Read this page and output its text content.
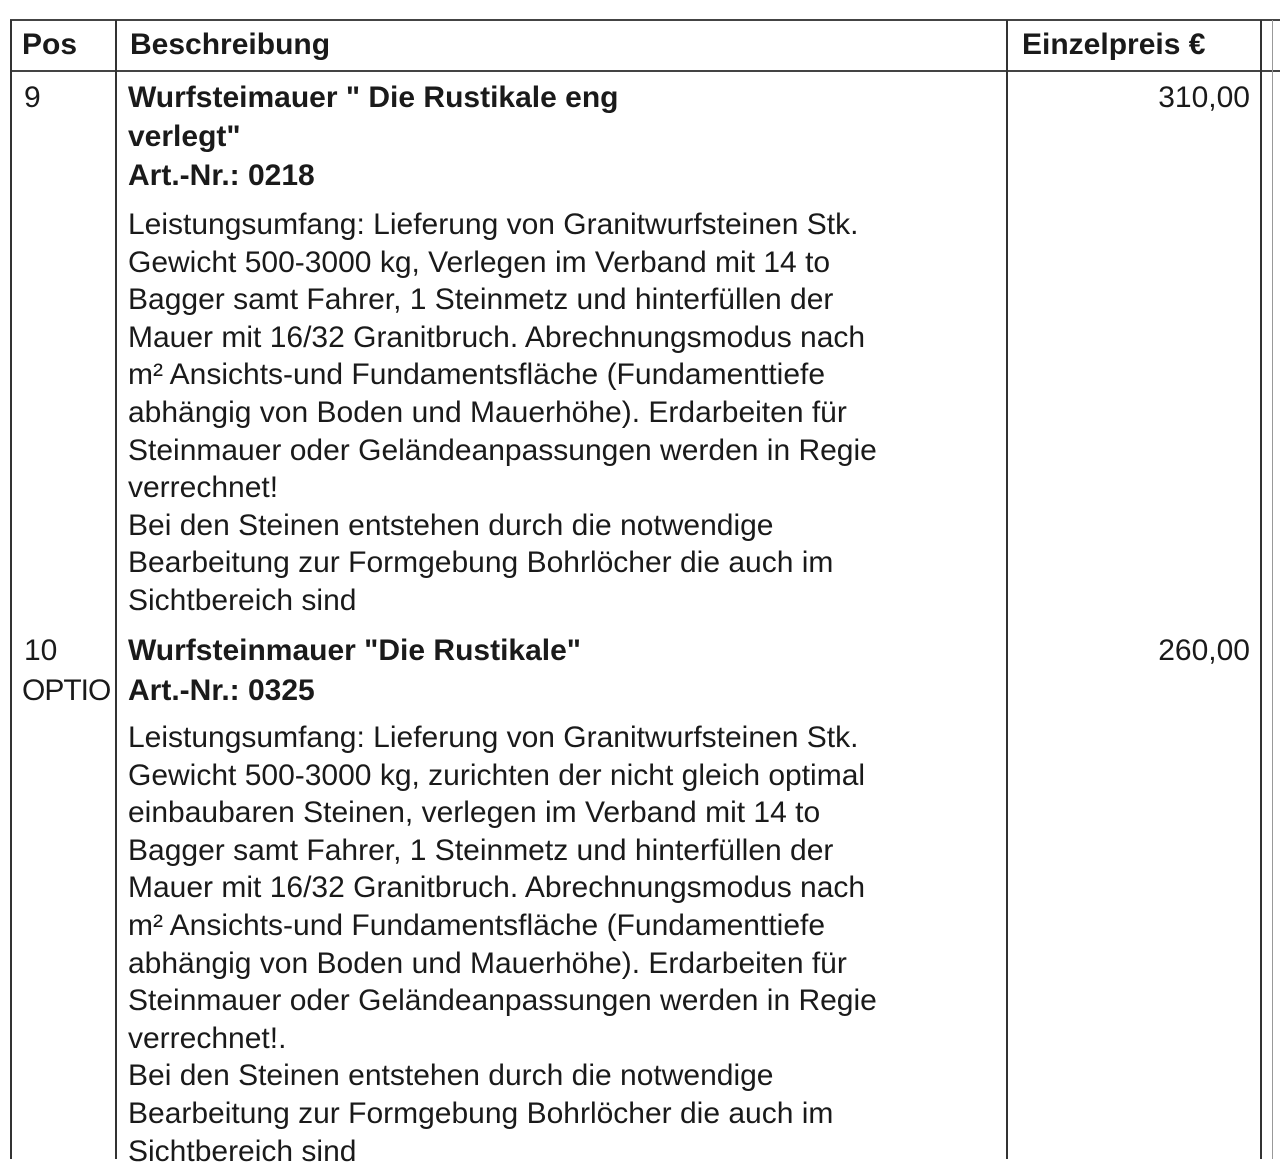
Pos Beschreibung	Einzelpreis €
9	Wurfsteimauer " Die Rustikale eng
verlegt"
Art.-Nr.: 0218
Leistungsumfang: Lieferung von Granitwurfsteinen Stk.
Gewicht 500-3000 kg, Verlegen im Verband mit 14 to
Bagger samt Fahrer, 1 Steinmetz und hinterfüllen der
Mauer mit 16/32 Granitbruch. Abrechnungsmodus nach
m² Ansichts-und Fundamentsfläche (Fundamenttiefe
abhängig von Boden und Mauerhöhe). Erdarbeiten für
Steinmauer oder Geländeanpassungen werden in Regie
verrechnet!
Bei den Steinen entstehen durch die notwendige
Bearbeitung zur Formgebung Bohrlöcher die auch im
Sichtbereich sind
310,00
10
OPTIO
Wurfsteinmauer "Die Rustikale"
Art.-Nr.: 0325
Leistungsumfang: Lieferung von Granitwurfsteinen Stk.
Gewicht 500-3000 kg, zurichten der nicht gleich optimal
einbaubaren Steinen, verlegen im Verband mit 14 to
Bagger samt Fahrer, 1 Steinmetz und hinterfüllen der
Mauer mit 16/32 Granitbruch. Abrechnungsmodus nach
m² Ansichts-und Fundamentsfläche (Fundamenttiefe
abhängig von Boden und Mauerhöhe). Erdarbeiten für
Steinmauer oder Geländeanpassungen werden in Regie
verrechnet!.
Bei den Steinen entstehen durch die notwendige
Bearbeitung zur Formgebung Bohrlöcher die auch im
Sichtbereich sind
260,00
